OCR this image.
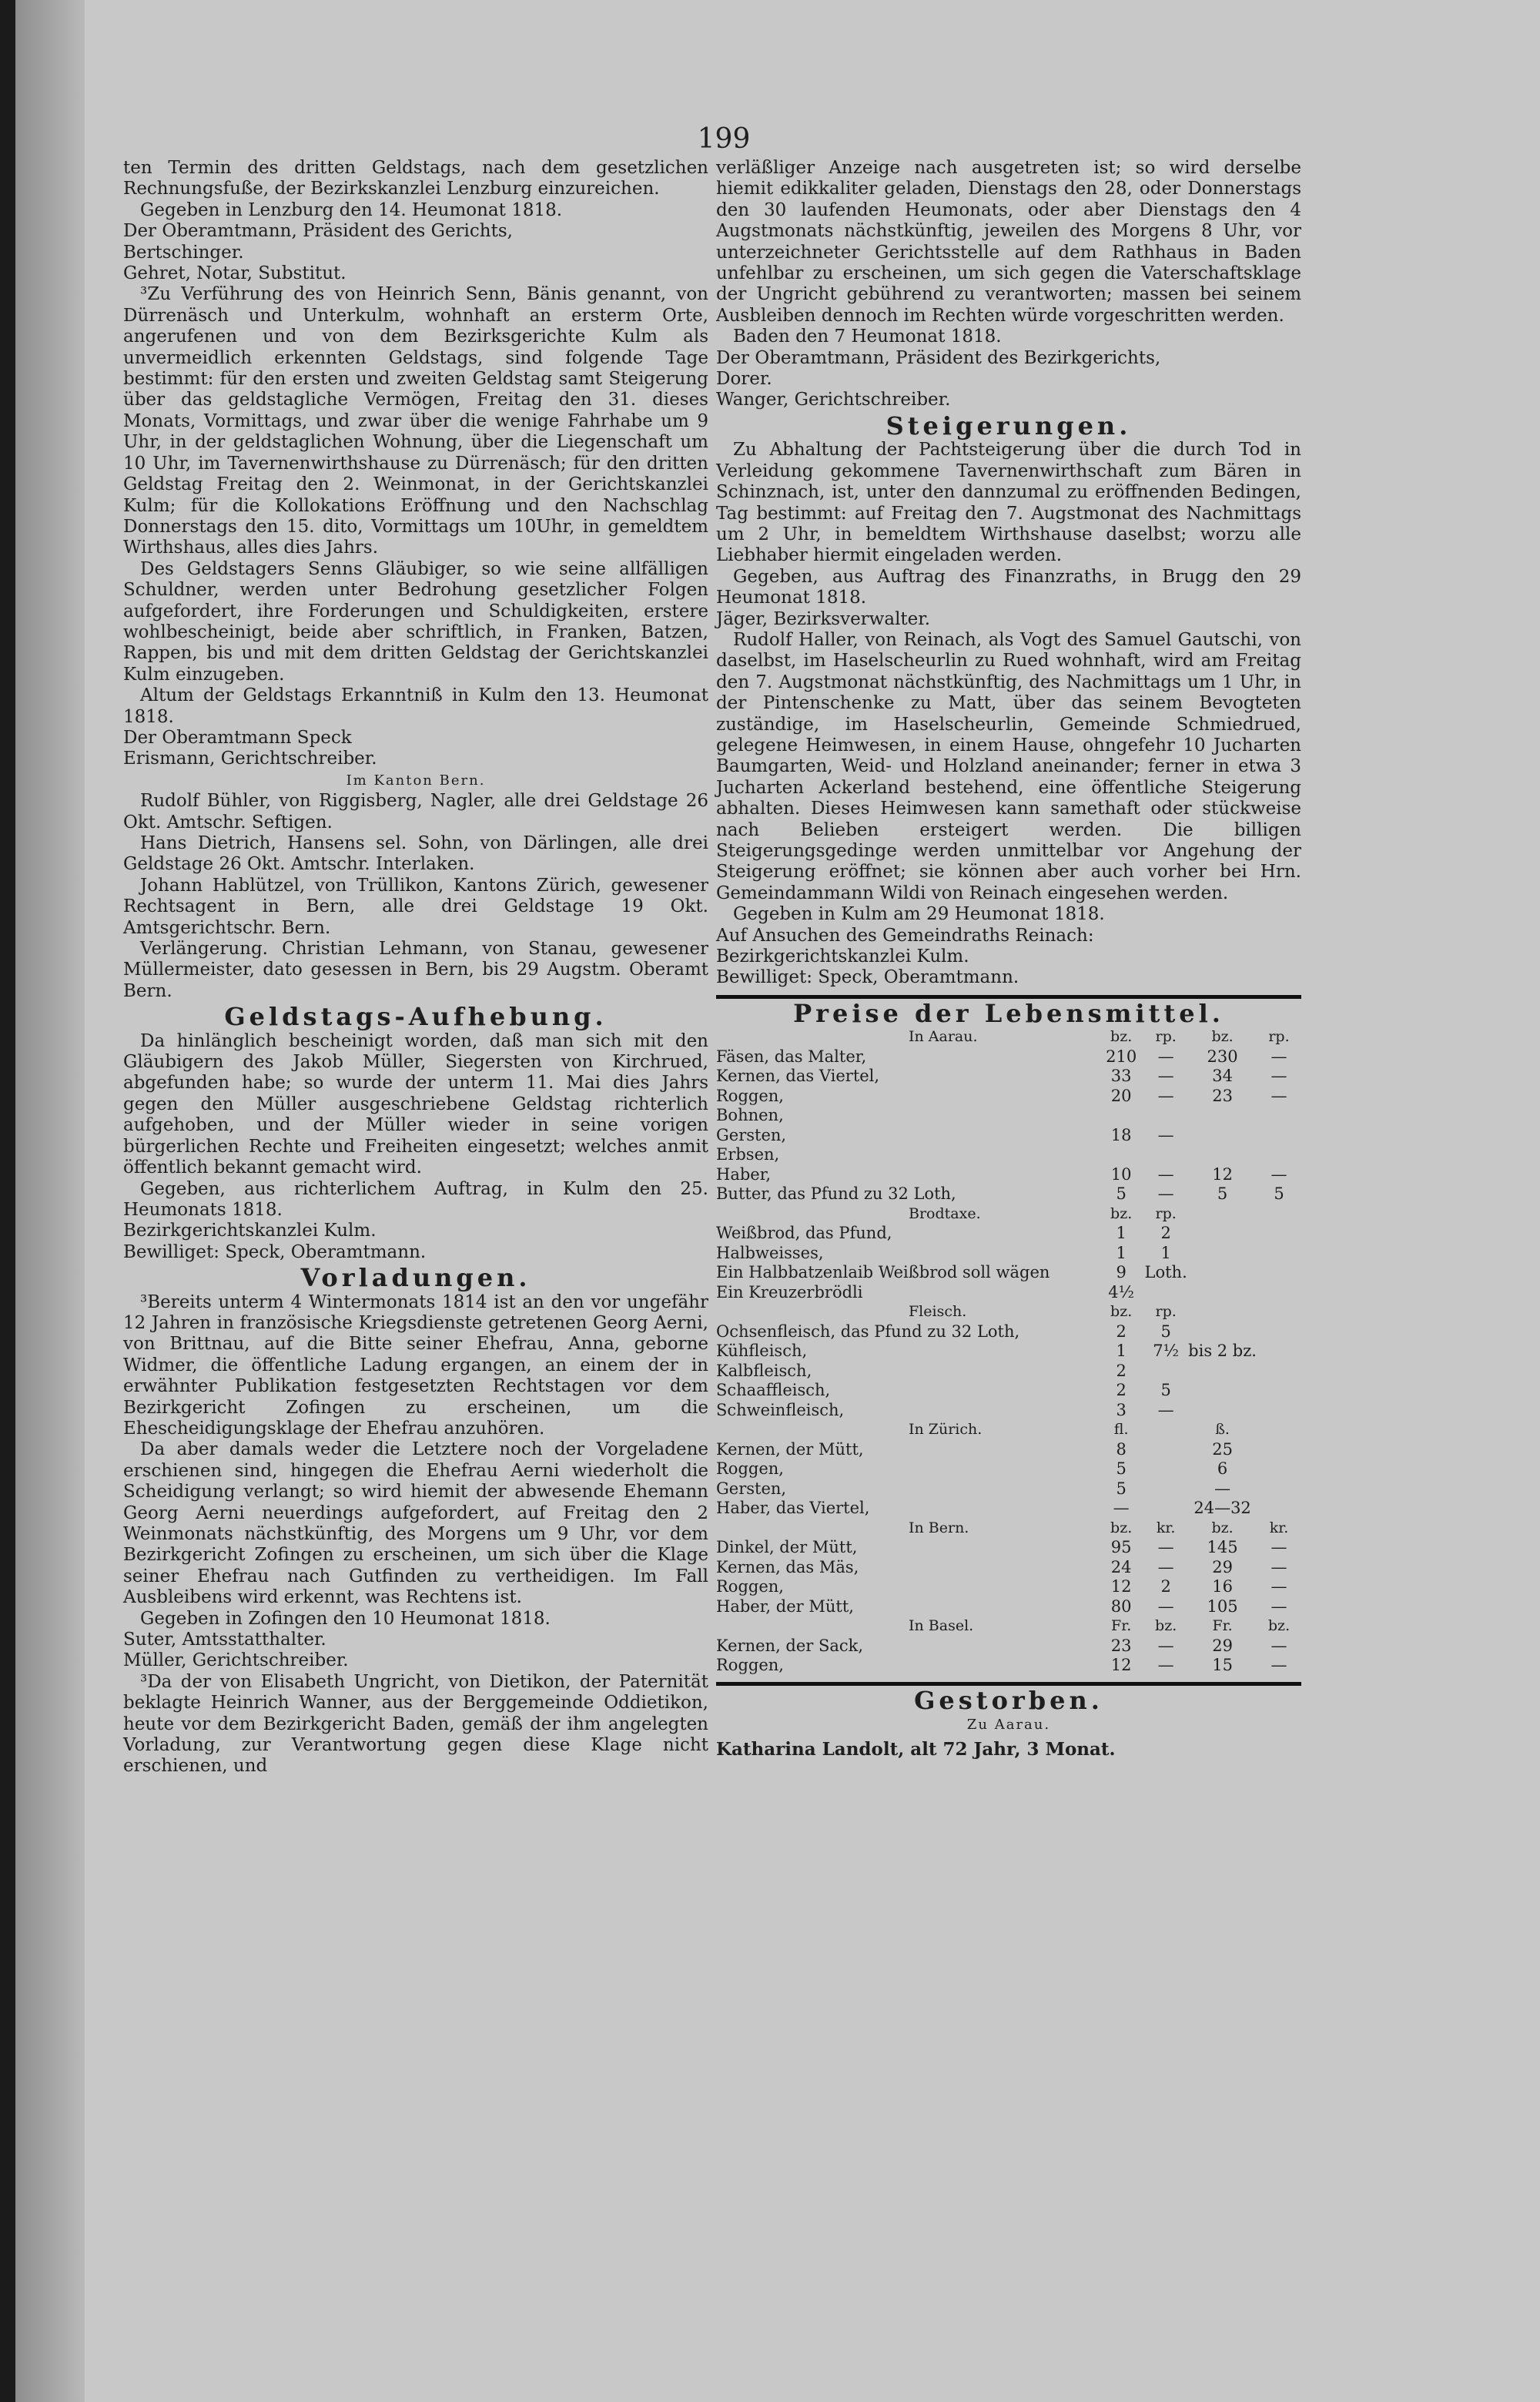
199

ten Termin des dritten Geldstags, nach dem gesetzlichen Rechnungsfuße, der Bezirkskanzlei Lenzburg einzureichen.

Gegeben in Lenzburg den 14. Heumonat 1818.

Der Oberamtmann, Präsident des Gerichts,

Bertschinger.

Gehret, Notar, Substitut.

³Zu Verführung des von Heinrich Senn, Bänis genannt, von Dürrenäsch und Unterkulm, wohnhaft an ersterm Orte, angerufenen und von dem Bezirksgerichte Kulm als unvermeidlich erkennten Geldstags, sind folgende Tage bestimmt: für den ersten und zweiten Geldstag samt Steigerung über das geldstagliche Vermögen, Freitag den 31. dieses Monats, Vormittags, und zwar über die wenige Fahrhabe um 9 Uhr, in der geldstaglichen Wohnung, über die Liegenschaft um 10 Uhr, im Tavernenwirthshause zu Dürrenäsch; für den dritten Geldstag Freitag den 2. Weinmonat, in der Gerichtskanzlei Kulm; für die Kollokations Eröffnung und den Nachschlag Donnerstags den 15. dito, Vormittags um 10Uhr, in gemeldtem Wirthshaus, alles dies Jahrs.

Des Geldstagers Senns Gläubiger, so wie seine allfälligen Schuldner, werden unter Bedrohung gesetzlicher Folgen aufgefordert, ihre Forderungen und Schuldigkeiten, erstere wohlbescheinigt, beide aber schriftlich, in Franken, Batzen, Rappen, bis und mit dem dritten Geldstag der Gerichtskanzlei Kulm einzugeben.

Altum der Geldstags Erkanntniß in Kulm den 13. Heumonat 1818.

Der Oberamtmann Speck

Erismann, Gerichtschreiber.

Im Kanton Bern.

Rudolf Bühler, von Riggisberg, Nagler, alle drei Geldstage 26 Okt. Amtschr. Seftigen.

Hans Dietrich, Hansens sel. Sohn, von Därlingen, alle drei Geldstage 26 Okt. Amtschr. Interlaken.

Johann Hablützel, von Trüllikon, Kantons Zürich, gewesener Rechtsagent in Bern, alle drei Geldstage 19 Okt. Amtsgerichtschr. Bern.

Verlängerung. Christian Lehmann, von Stanau, gewesener Müllermeister, dato gesessen in Bern, bis 29 Augstm. Oberamt Bern.

Geldstags-Aufhebung.

Da hinlänglich bescheinigt worden, daß man sich mit den Gläubigern des Jakob Müller, Siegersten von Kirchrued, abgefunden habe; so wurde der unterm 11. Mai dies Jahrs gegen den Müller ausgeschriebene Geldstag richterlich aufgehoben, und der Müller wieder in seine vorigen bürgerlichen Rechte und Freiheiten eingesetzt; welches anmit öffentlich bekannt gemacht wird.

Gegeben, aus richterlichem Auftrag, in Kulm den 25. Heumonats 1818.

Bezirkgerichtskanzlei Kulm.

Bewilliget: Speck, Oberamtmann.

Vorladungen.

³Bereits unterm 4 Wintermonats 1814 ist an den vor ungefähr 12 Jahren in französische Kriegsdienste getretenen Georg Aerni, von Brittnau, auf die Bitte seiner Ehefrau, Anna, geborne Widmer, die öffentliche Ladung ergangen, an einem der in erwähnter Publikation festgesetzten Rechtstagen vor dem Bezirkgericht Zofingen zu erscheinen, um die Ehescheidigungsklage der Ehefrau anzuhören.

Da aber damals weder die Letztere noch der Vorgeladene erschienen sind, hingegen die Ehefrau Aerni wiederholt die Scheidigung verlangt; so wird hiemit der abwesende Ehemann Georg Aerni neuerdings aufgefordert, auf Freitag den 2 Weinmonats nächstkünftig, des Morgens um 9 Uhr, vor dem Bezirkgericht Zofingen zu erscheinen, um sich über die Klage seiner Ehefrau nach Gutfinden zu vertheidigen. Im Fall Ausbleibens wird erkennt, was Rechtens ist.

Gegeben in Zofingen den 10 Heumonat 1818.

Suter, Amtsstatthalter.

Müller, Gerichtschreiber.

³Da der von Elisabeth Ungricht, von Dietikon, der Paternität beklagte Heinrich Wanner, aus der Berggemeinde Oddietikon, heute vor dem Bezirkgericht Baden, gemäß der ihm angelegten Vorladung, zur Verantwortung gegen diese Klage nicht erschienen, und

verläßliger Anzeige nach ausgetreten ist; so wird derselbe hiemit edikkaliter geladen, Dienstags den 28, oder Donnerstags den 30 laufenden Heumonats, oder aber Dienstags den 4 Augstmonats nächstkünftig, jeweilen des Morgens 8 Uhr, vor unterzeichneter Gerichtsstelle auf dem Rathhaus in Baden unfehlbar zu erscheinen, um sich gegen die Vaterschaftsklage der Ungricht gebührend zu verantworten; massen bei seinem Ausbleiben dennoch im Rechten würde vorgeschritten werden.

Baden den 7 Heumonat 1818.

Der Oberamtmann, Präsident des Bezirkgerichts,

Dorer.

Wanger, Gerichtschreiber.

Steigerungen.

Zu Abhaltung der Pachtsteigerung über die durch Tod in Verleidung gekommene Tavernenwirthschaft zum Bären in Schinznach, ist, unter den dannzumal zu eröffnenden Bedingen, Tag bestimmt: auf Freitag den 7. Augstmonat des Nachmittags um 2 Uhr, in bemeldtem Wirthshause daselbst; worzu alle Liebhaber hiermit eingeladen werden.

Gegeben, aus Auftrag des Finanzraths, in Brugg den 29 Heumonat 1818.

Jäger, Bezirksverwalter.

Rudolf Haller, von Reinach, als Vogt des Samuel Gautschi, von daselbst, im Haselscheurlin zu Rued wohnhaft, wird am Freitag den 7. Augstmonat nächstkünftig, des Nachmittags um 1 Uhr, in der Pintenschenke zu Matt, über das seinem Bevogteten zuständige, im Haselscheurlin, Gemeinde Schmiedrued, gelegene Heimwesen, in einem Hause, ohngefehr 10 Jucharten Baumgarten, Weid- und Holzland aneinander; ferner in etwa 3 Jucharten Ackerland bestehend, eine öffentliche Steigerung abhalten. Dieses Heimwesen kann samethaft oder stückweise nach Belieben ersteigert werden. Die billigen Steigerungsgedinge werden unmittelbar vor Angehung der Steigerung eröffnet; sie können aber auch vorher bei Hrn. Gemeindammann Wildi von Reinach eingesehen werden.

Gegeben in Kulm am 29 Heumonat 1818.

Auf Ansuchen des Gemeindraths Reinach:

Bezirkgerichtskanzlei Kulm.

Bewilliget: Speck, Oberamtmann.

Preise der Lebensmittel.
In Aarau.	bz.	rp.	bz.	rp.
Fäsen, das Malter,	210	—	230	—
Kernen, das Viertel,	33	—	34	—
Roggen,	20	—	23	—
Bohnen,				
Gersten,	18	—		
Erbsen,				
Haber,	10	—	12	—
Butter, das Pfund zu 32 Loth,	5	—	5	5
Brodtaxe.	bz.	rp.		
Weißbrod, das Pfund,	1	2		
Halbweisses,	1	1		
Ein Halbbatzenlaib Weißbrod soll wägen	9	Loth.		
Ein Kreuzerbrödli	4½			
Fleisch.	bz.	rp.		
Ochsenfleisch, das Pfund zu 32 Loth,	2	5		
Kühfleisch,	1	7½	bis 2 bz.	
Kalbfleisch,	2			
Schaaffleisch,	2	5		
Schweinfleisch,	3	—		
In Zürich.	fl.		ß.	
Kernen, der Mütt,	8		25	
Roggen,	5		6	
Gersten,	5		—	
Haber, das Viertel,	—		24—32	
In Bern.	bz.	kr.	bz.	kr.
Dinkel, der Mütt,	95	—	145	—
Kernen, das Mäs,	24	—	29	—
Roggen,	12	2	16	—
Haber, der Mütt,	80	—	105	—
In Basel.	Fr.	bz.	Fr.	bz.
Kernen, der Sack,	23	—	29	—
Roggen,	12	—	15	—
Gestorben.
Zu Aarau.

Katharina Landolt, alt 72 Jahr, 3 Monat.
